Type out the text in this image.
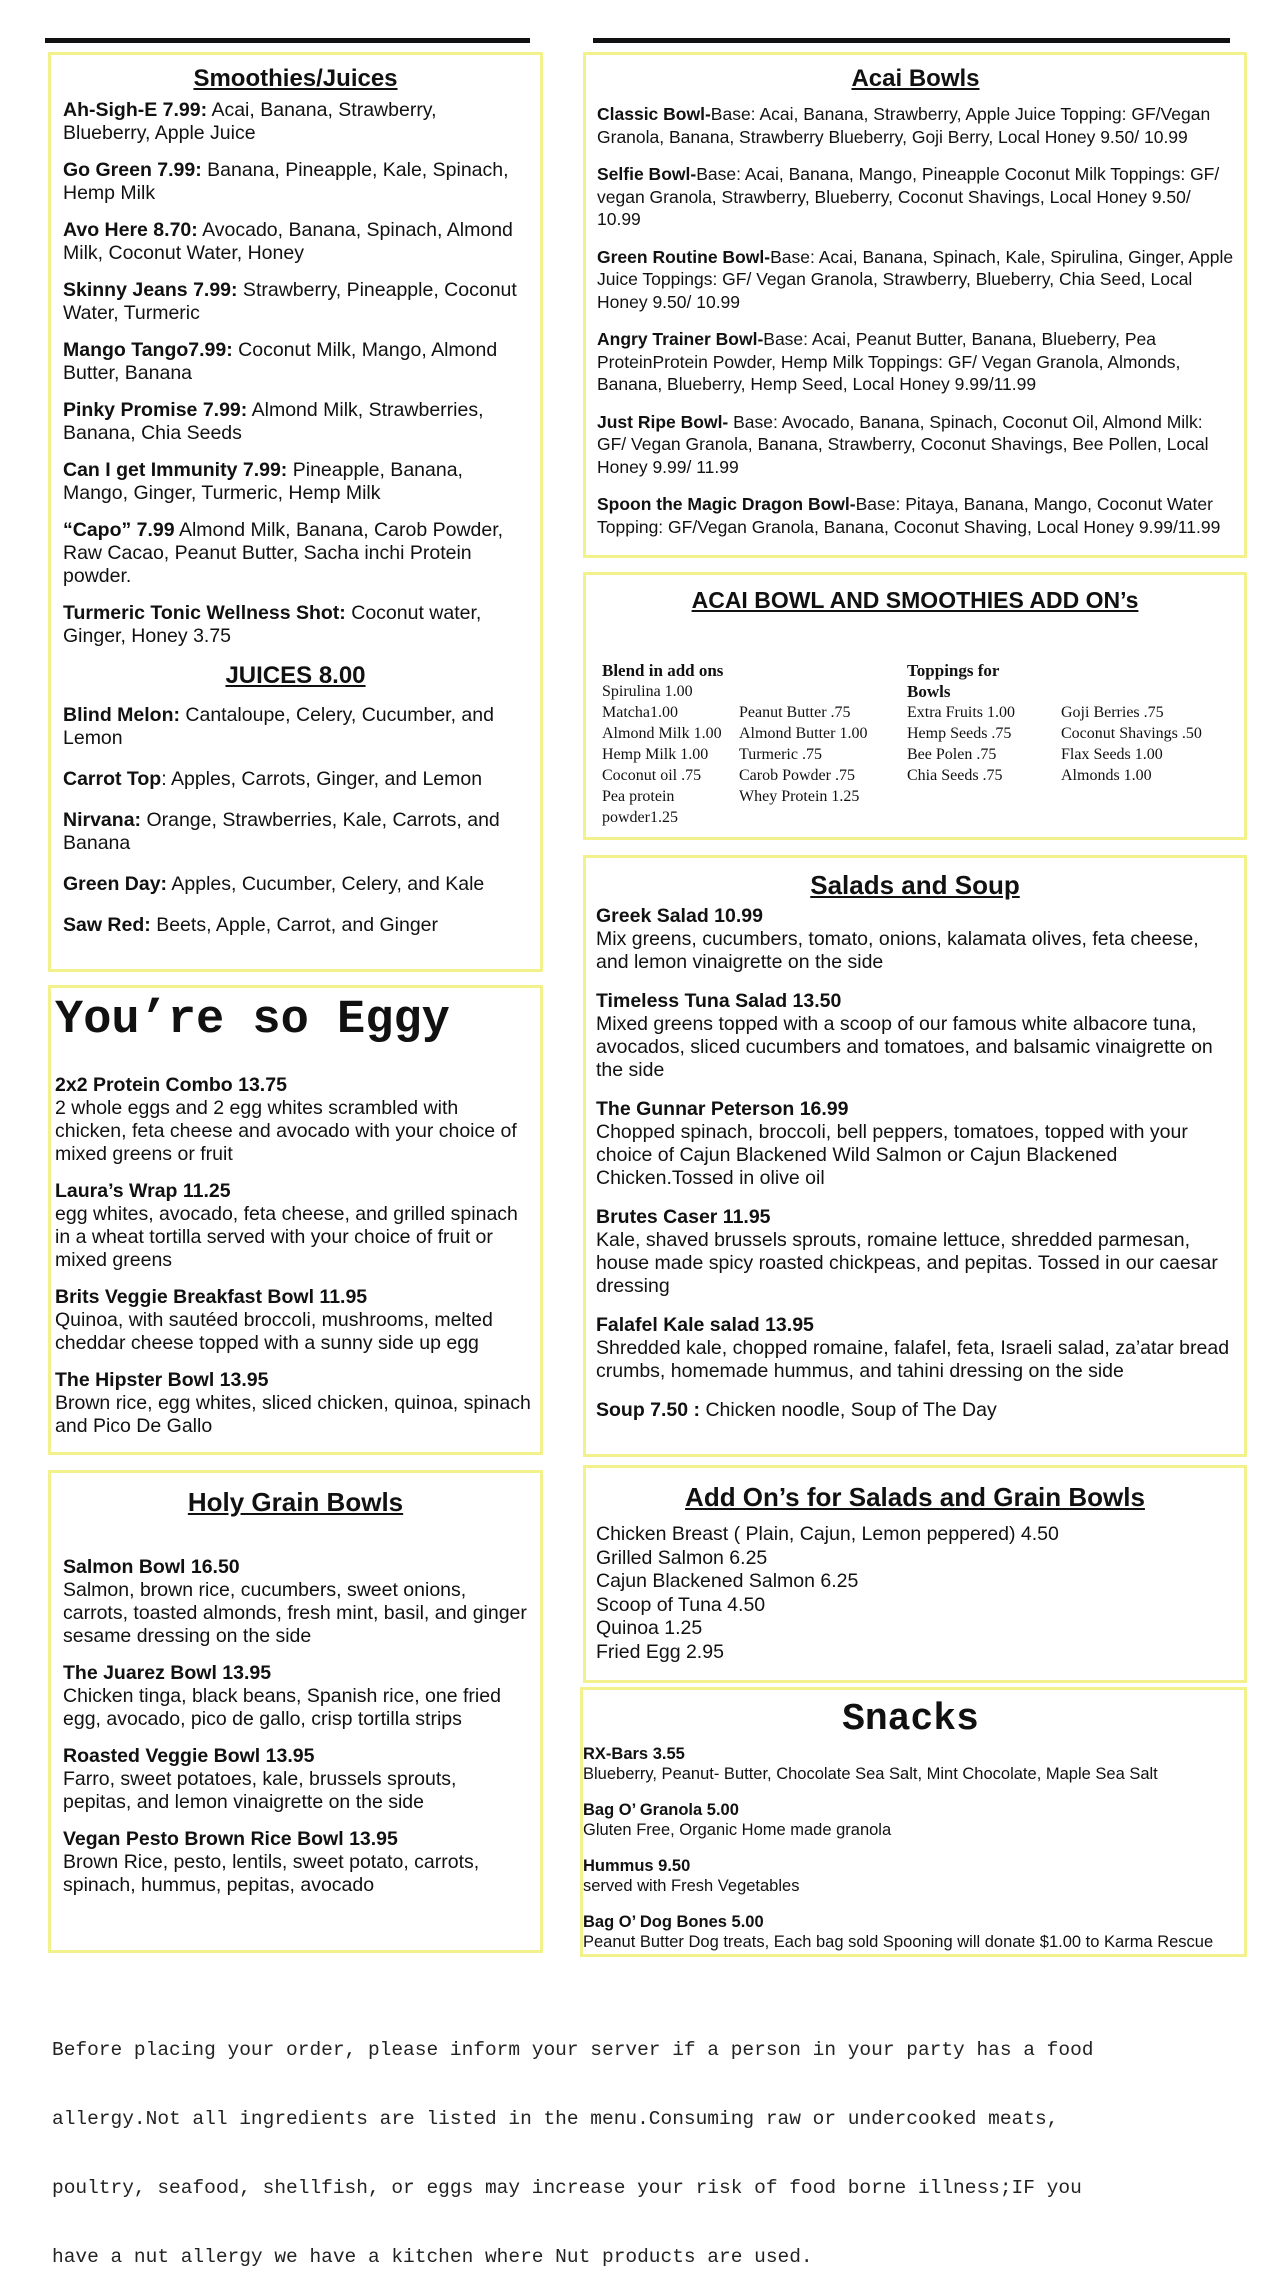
Smoothies/Juices

Ah-Sigh-E 7.99: Acai, Banana, Strawberry, Blueberry, Apple Juice

Go Green 7.99: Banana, Pineapple, Kale, Spinach, Hemp Milk

Avo Here 8.70: Avocado, Banana, Spinach, Almond Milk, Coconut Water, Honey

Skinny Jeans 7.99: Strawberry, Pineapple, Coconut Water, Turmeric

Mango Tango7.99: Coconut Milk, Mango, Almond Butter, Banana

Pinky Promise 7.99: Almond Milk, Strawberries, Banana, Chia Seeds

Can I get Immunity 7.99: Pineapple, Banana, Mango, Ginger, Turmeric, Hemp Milk

“Capo” 7.99 Almond Milk, Banana, Carob Powder, Raw Cacao, Peanut Butter, Sacha inchi Protein powder.

Turmeric Tonic Wellness Shot: Coconut water, Ginger, Honey 3.75

JUICES 8.00

Blind Melon: Cantaloupe, Celery, Cucumber, and Lemon

Carrot Top: Apples, Carrots, Ginger, and Lemon

Nirvana: Orange, Strawberries, Kale, Carrots, and Banana

Green Day: Apples, Cucumber, Celery, and Kale

Saw Red: Beets, Apple, Carrot, and Ginger

Acai Bowls

Classic Bowl-Base: Acai, Banana, Strawberry, Apple Juice Topping: GF/Vegan Granola, Banana, Strawberry Blueberry, Goji Berry, Local Honey 9.50/ 10.99

Selfie Bowl-Base: Acai, Banana, Mango, Pineapple Coconut Milk Toppings: GF/ vegan Granola, Strawberry, Blueberry, Coconut Shavings, Local Honey 9.50/ 10.99

Green Routine Bowl-Base: Acai, Banana, Spinach, Kale, Spirulina, Ginger, Apple Juice Toppings: GF/ Vegan Granola, Strawberry, Blueberry, Chia Seed, Local Honey 9.50/ 10.99

Angry Trainer Bowl-Base: Acai, Peanut Butter, Banana, Blueberry, Pea ProteinProtein Powder, Hemp Milk Toppings: GF/ Vegan Granola, Almonds, Banana, Blueberry, Hemp Seed, Local Honey 9.99/11.99

Just Ripe Bowl- Base: Avocado, Banana, Spinach, Coconut Oil, Almond Milk: GF/ Vegan Granola, Banana, Strawberry, Coconut Shavings, Bee Pollen, Local Honey 9.99/ 11.99

Spoon the Magic Dragon Bowl-Base: Pitaya, Banana, Mango, Coconut Water Topping: GF/Vegan Granola, Banana, Coconut Shaving, Local Honey 9.99/11.99

ACAI BOWL AND SMOOTHIES ADD ON’s

Blend in add ons
Spirulina 1.00
Matcha1.00
Almond Milk 1.00
Hemp Milk 1.00
Coconut oil .75
Pea protein
powder1.25
Peanut Butter .75
Almond Butter 1.00
Turmeric .75
Carob Powder .75
Whey Protein 1.25
Toppings for
Bowls
Extra Fruits 1.00
Hemp Seeds .75
Bee Polen .75
Chia Seeds .75
Goji Berries .75
Coconut Shavings .50
Flax Seeds 1.00
Almonds 1.00

You’re so Eggy

2x2 Protein Combo 13.75
2 whole eggs and 2 egg whites scrambled with chicken, feta cheese and avocado with your choice of mixed greens or fruit

Laura’s Wrap 11.25
egg whites, avocado, feta cheese, and grilled spinach in a wheat tortilla served with your choice of fruit or mixed greens

Brits Veggie Breakfast Bowl 11.95
Quinoa, with sautéed broccoli, mushrooms, melted cheddar cheese topped with a sunny side up egg

The Hipster Bowl 13.95
Brown rice, egg whites, sliced chicken, quinoa, spinach and Pico De Gallo

Salads and Soup

Greek Salad 10.99
Mix greens, cucumbers, tomato, onions, kalamata olives, feta cheese, and lemon vinaigrette on the side

Timeless Tuna Salad 13.50
Mixed greens topped with a scoop of our famous white albacore tuna, avocados, sliced cucumbers and tomatoes, and balsamic vinaigrette on the side

The Gunnar Peterson 16.99
Chopped spinach, broccoli, bell peppers, tomatoes, topped with your choice of Cajun Blackened Wild Salmon or Cajun Blackened Chicken.Tossed in olive oil

Brutes Caser 11.95
Kale, shaved brussels sprouts, romaine lettuce, shredded parmesan, house made spicy roasted chickpeas, and pepitas. Tossed in our caesar dressing

Falafel Kale salad 13.95
Shredded kale, chopped romaine, falafel, feta, Israeli salad, za’atar bread crumbs, homemade hummus, and tahini dressing on the side

Soup 7.50 : Chicken noodle, Soup of The Day

Holy Grain Bowls

Salmon Bowl 16.50
Salmon, brown rice, cucumbers, sweet onions, carrots, toasted almonds, fresh mint, basil, and ginger sesame dressing on the side

The Juarez Bowl 13.95
Chicken tinga, black beans, Spanish rice, one fried egg, avocado, pico de gallo, crisp tortilla strips

Roasted Veggie Bowl 13.95
Farro, sweet potatoes, kale, brussels sprouts, pepitas, and lemon vinaigrette on the side

Vegan Pesto Brown Rice Bowl 13.95
Brown Rice, pesto, lentils, sweet potato, carrots, spinach, hummus, pepitas, avocado

Add On’s for Salads and Grain Bowls

Chicken Breast ( Plain, Cajun, Lemon peppered) 4.50
Grilled Salmon 6.25
Cajun Blackened Salmon 6.25
Scoop of Tuna 4.50
Quinoa 1.25
Fried Egg 2.95

Snacks

RX-Bars 3.55
Blueberry, Peanut- Butter, Chocolate Sea Salt, Mint Chocolate, Maple Sea Salt

Bag O’ Granola 5.00
Gluten Free, Organic Home made granola

Hummus 9.50
served with Fresh Vegetables

Bag O’ Dog Bones 5.00
Peanut Butter Dog treats, Each bag sold Spooning will donate $1.00 to Karma Rescue

Before placing your order, please inform your server if a person in your party has a food

allergy.Not all ingredients are listed in the menu.Consuming raw or undercooked meats,

poultry, seafood, shellfish, or eggs may increase your risk of food borne illness;IF you

have a nut allergy we have a kitchen where Nut products are used.
